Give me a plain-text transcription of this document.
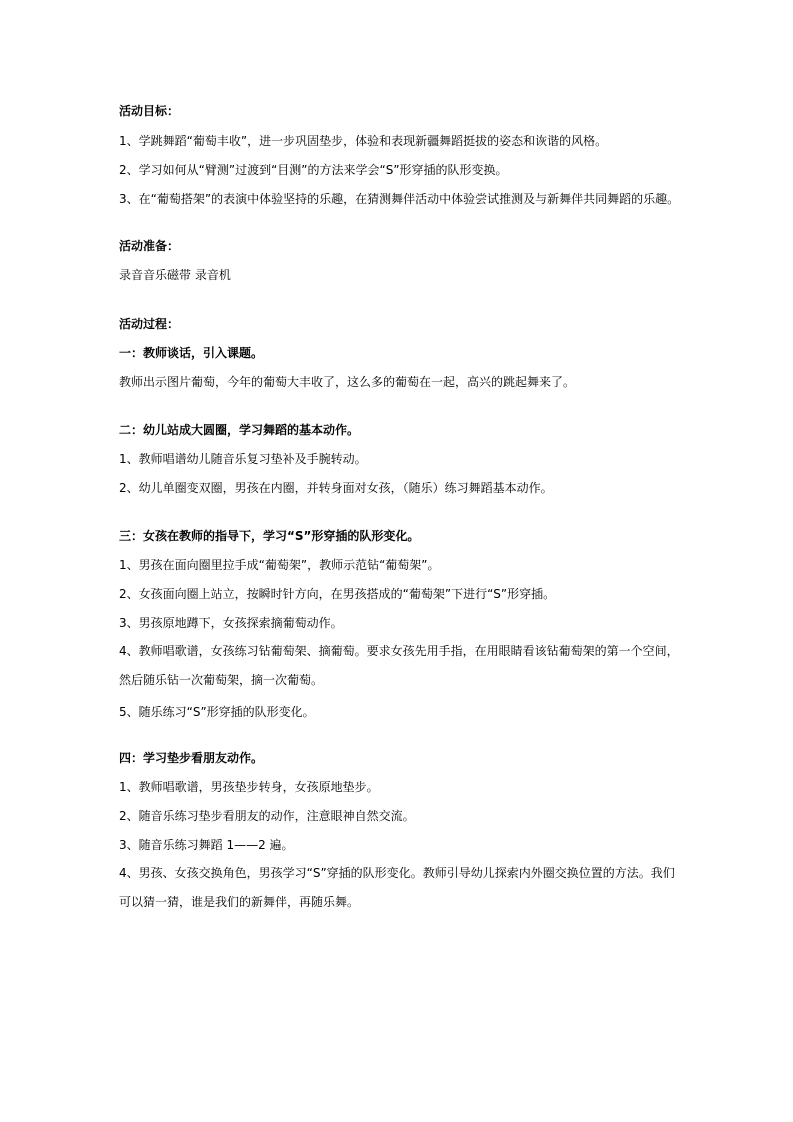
活动目标：
1、学跳舞蹈“葡萄丰收”，进一步巩固垫步，体验和表现新疆舞蹈挺拔的姿态和诙谐的风格。
2、学习如何从“臂测”过渡到“目测”的方法来学会“S”形穿插的队形变换。
3、在“葡萄搭架”的表演中体验坚持的乐趣，在猜测舞伴活动中体验尝试推测及与新舞伴共同舞蹈的乐趣。
活动准备：
录音音乐磁带 录音机
活动过程：
一：教师谈话，引入课题。
教师出示图片葡萄，今年的葡萄大丰收了，这么多的葡萄在一起，高兴的跳起舞来了。
二：幼儿站成大圆圈，学习舞蹈的基本动作。
1、教师唱谱幼儿随音乐复习垫补及手腕转动。
2、幼儿单圈变双圈，男孩在内圈，并转身面对女孩，（随乐）练习舞蹈基本动作。
三：女孩在教师的指导下，学习“S”形穿插的队形变化。
1、男孩在面向圈里拉手成“葡萄架”，教师示范钻“葡萄架”。
2、女孩面向圈上站立，按瞬时针方向，在男孩搭成的“葡萄架”下进行“S”形穿插。
3、男孩原地蹲下，女孩探索摘葡萄动作。
4、教师唱歌谱，女孩练习钻葡萄架、摘葡萄。要求女孩先用手指，在用眼睛看该钻葡萄架的第一个空间，然后随乐钻一次葡萄架，摘一次葡萄。
5、随乐练习“S”形穿插的队形变化。
四：学习垫步看朋友动作。
1、教师唱歌谱，男孩垫步转身，女孩原地垫步。
2、随音乐练习垫步看朋友的动作，注意眼神自然交流。
3、随音乐练习舞蹈 1——2 遍。
4、男孩、女孩交换角色，男孩学习“S”穿插的队形变化。教师引导幼儿探索内外圈交换位置的方法。我们可以猜一猜，谁是我们的新舞伴，再随乐舞。
